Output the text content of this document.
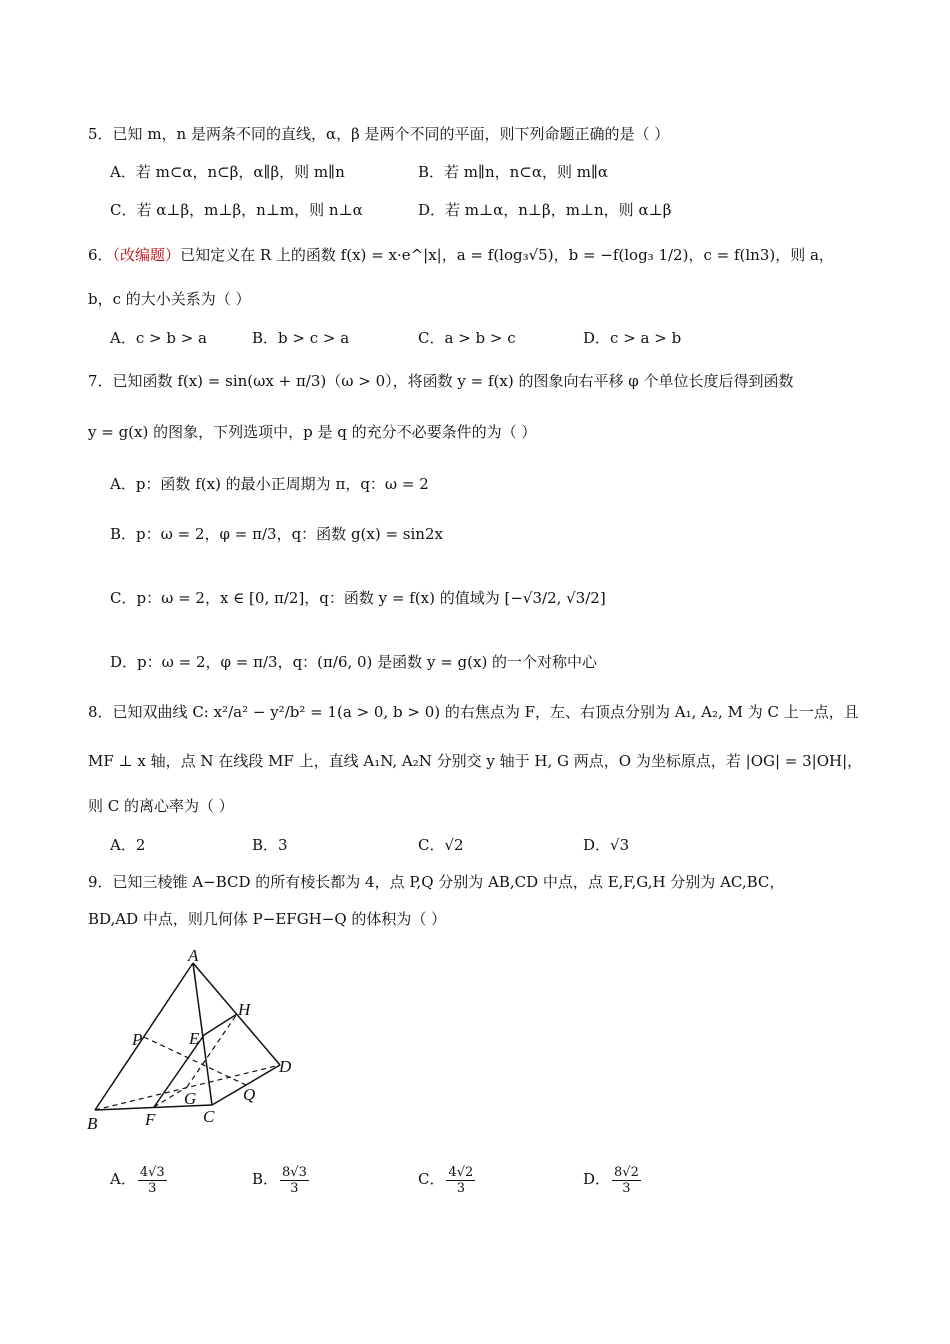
5．已知 m，n 是两条不同的直线，α，β 是两个不同的平面，则下列命题正确的是（ ）
A．若 m⊂α，n⊂β，α∥β，则 m∥n	B．若 m∥n，n⊂α，则 m∥α
C．若 α⊥β，m⊥β，n⊥m，则 n⊥α	D．若 m⊥α，n⊥β，m⊥n，则 α⊥β
6．（改编题）已知定义在 R 上的函数 f(x) = x·e^|x|，a = f(log₃√5)，b = −f(log₃ 1/2)，c = f(ln3)，则 a，
b，c 的大小关系为（ ）
A．c > b > a	B．b > c > a	C．a > b > c	D．c > a > b
7．已知函数 f(x) = sin(ωx + π/3)（ω > 0），将函数 y = f(x) 的图象向右平移 φ 个单位长度后得到函数
y = g(x) 的图象，下列选项中，p 是 q 的充分不必要条件的为（ ）
A．p：函数 f(x) 的最小正周期为 π，q：ω = 2
B．p：ω = 2，φ = π/3，q：函数 g(x) = sin2x
C．p：ω = 2，x ∈ [0, π/2]，q：函数 y = f(x) 的值域为 [−√3/2, √3/2]
D．p：ω = 2，φ = π/3，q：(π/6, 0) 是函数 y = g(x) 的一个对称中心
8．已知双曲线 C: x²/a² − y²/b² = 1(a > 0, b > 0) 的右焦点为 F，左、右顶点分别为 A₁, A₂, M 为 C 上一点，且
MF ⊥ x 轴，点 N 在线段 MF 上，直线 A₁N, A₂N 分别交 y 轴于 H, G 两点，O 为坐标原点，若 |OG| = 3|OH|，
则 C 的离心率为（ ）
A．2	B．3	C．√2	D．√3
9．已知三棱锥 A−BCD 的所有棱长都为 4，点 P,Q 分别为 AB,CD 中点，点 E,F,G,H 分别为 AC,BC，
BD,AD 中点，则几何体 P−EFGH−Q 的体积为（ ）
A
H
P	E
D
G	Q
B	F	C
A． $\frac{4√3}{3}$	B． $\frac{8√3}{3}$	C． $\frac{4√2}{3}$	D． $\frac{8√2}{3}$
